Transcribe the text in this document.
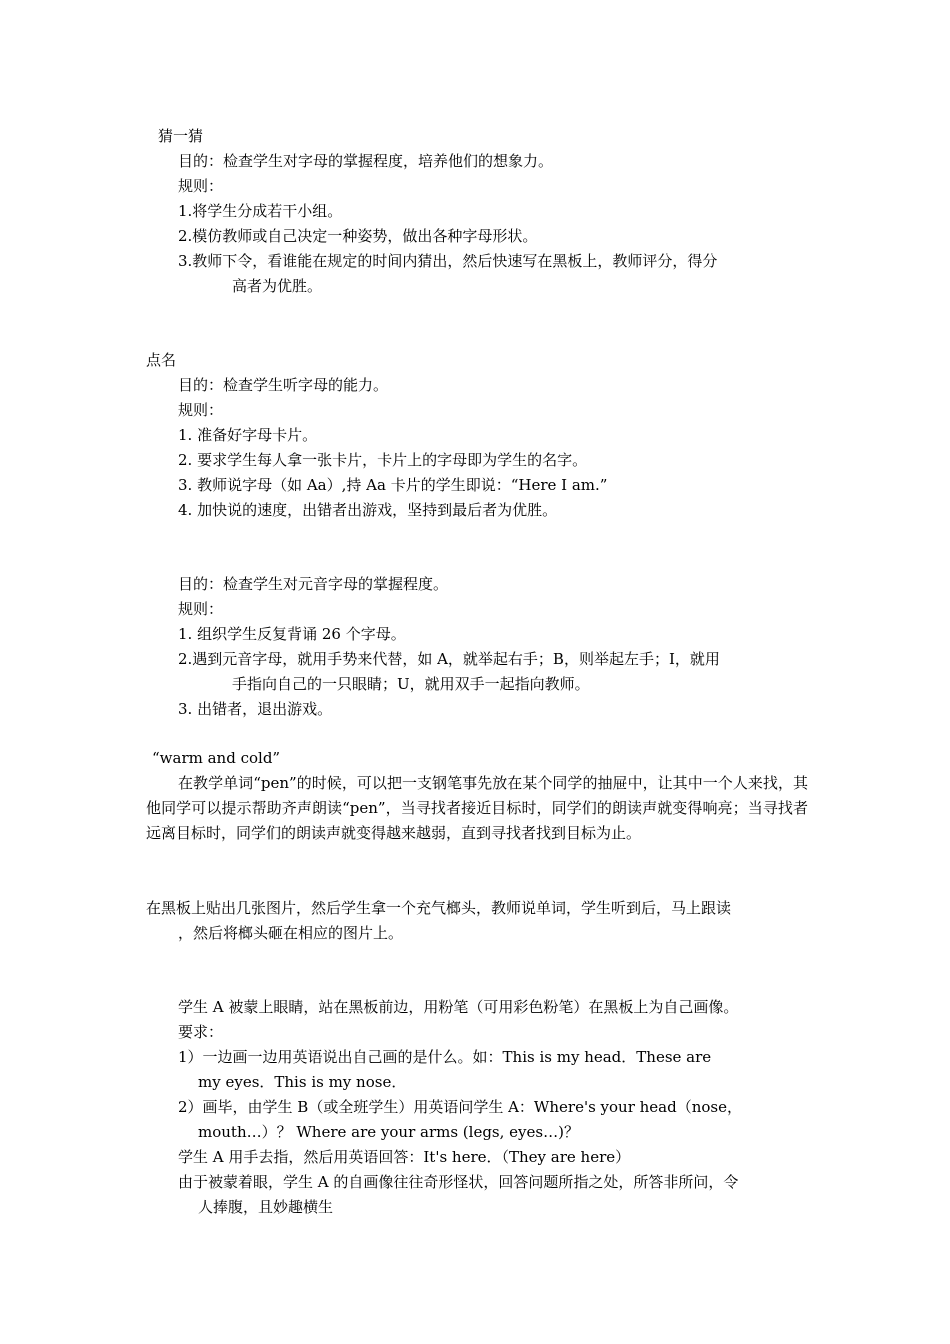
猜一猜
目的：检查学生对字母的掌握程度，培养他们的想象力。
规则：
1.将学生分成若干小组。
2.模仿教师或自己决定一种姿势，做出各种字母形状。
3.教师下令，看谁能在规定的时间内猜出，然后快速写在黑板上，教师评分，得分
高者为优胜。
点名
目的：检查学生听字母的能力。
规则：
1. 准备好字母卡片。
2. 要求学生每人拿一张卡片，卡片上的字母即为学生的名字。
3. 教师说字母（如 Aa）,持 Aa 卡片的学生即说：“Here I am.”
4. 加快说的速度，出错者出游戏，坚持到最后者为优胜。
目的：检查学生对元音字母的掌握程度。
规则：
1. 组织学生反复背诵 26 个字母。
2.遇到元音字母，就用手势来代替，如 A，就举起右手；B，则举起左手；I，就用
手指向自己的一只眼睛；U，就用双手一起指向教师。
3. 出错者，退出游戏。
“warm and cold”
在教学单词“pen”的时候，可以把一支钢笔事先放在某个同学的抽屉中，让其中一个人来找，其他同学可以提示帮助齐声朗读“pen”，当寻找者接近目标时，同学们的朗读声就变得响亮；当寻找者远离目标时，同学们的朗读声就变得越来越弱，直到寻找者找到目标为止。
在黑板上贴出几张图片，然后学生拿一个充气榔头，教师说单词，学生听到后，马上跟读
，然后将榔头砸在相应的图片上。
学生 A 被蒙上眼睛，站在黑板前边，用粉笔（可用彩色粉笔）在黑板上为自己画像。
要求：
1）一边画一边用英语说出自己画的是什么。如：This is my head．These are
my eyes．This is my nose．
2）画毕，由学生 B（或全班学生）用英语问学生 A：Where's your head（nose，
mouth…）？ Where are your arms (legs, eyes…)？
学生 A 用手去指，然后用英语回答：It's here．（They are here）
由于被蒙着眼，学生 A 的自画像往往奇形怪状，回答问题所指之处，所答非所问，令
人捧腹，且妙趣横生
